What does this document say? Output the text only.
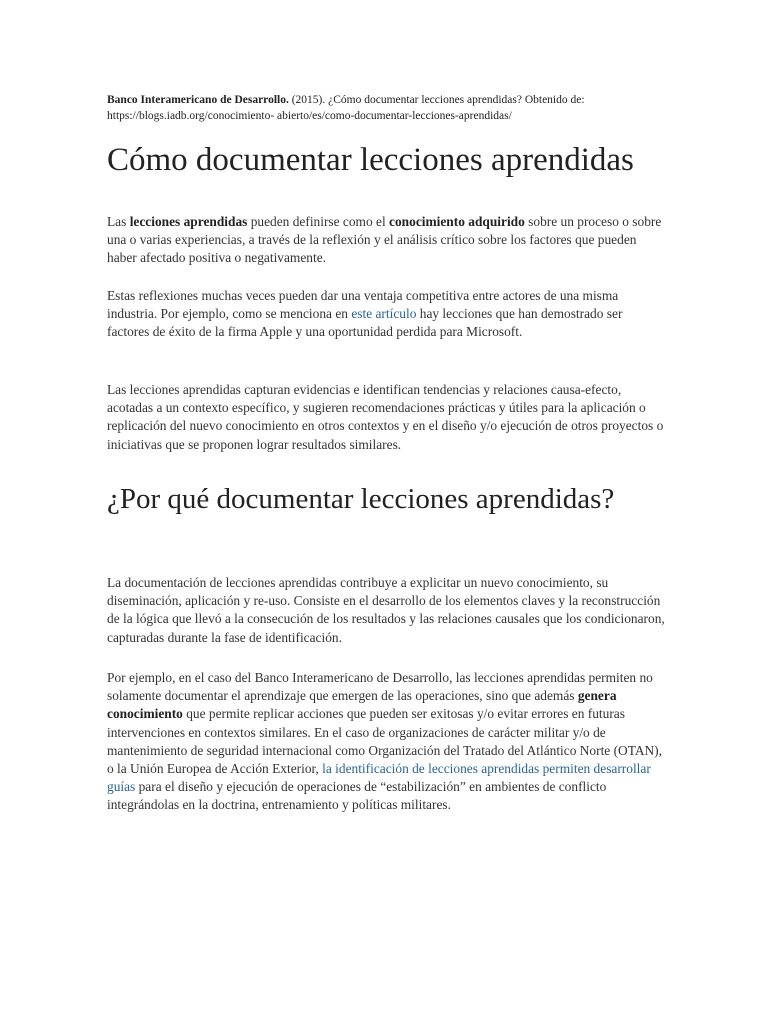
Banco Interamericano de Desarrollo. (2015). ¿Cómo documentar lecciones aprendidas? Obtenido de: https://blogs.iadb.org/conocimiento- abierto/es/como-documentar-lecciones-aprendidas/
Cómo documentar lecciones aprendidas

Las lecciones aprendidas pueden definirse como el conocimiento adquirido sobre un proceso o sobre una o varias experiencias, a través de la reflexión y el análisis crítico sobre los factores que pueden haber afectado positiva o negativamente.

Estas reflexiones muchas veces pueden dar una ventaja competitiva entre actores de una misma industria. Por ejemplo, como se menciona en este artículo hay lecciones que han demostrado ser factores de éxito de la firma Apple y una oportunidad perdida para Microsoft.

Las lecciones aprendidas capturan evidencias e identifican tendencias y relaciones causa-efecto, acotadas a un contexto específico, y sugieren recomendaciones prácticas y útiles para la aplicación o replicación del nuevo conocimiento en otros contextos y en el diseño y/o ejecución de otros proyectos o iniciativas que se proponen lograr resultados similares.

¿Por qué documentar lecciones aprendidas?

La documentación de lecciones aprendidas contribuye a explicitar un nuevo conocimiento, su diseminación, aplicación y re-uso. Consiste en el desarrollo de los elementos claves y la reconstrucción de la lógica que llevó a la consecución de los resultados y las relaciones causales que los condicionaron, capturadas durante la fase de identificación.

Por ejemplo, en el caso del Banco Interamericano de Desarrollo, las lecciones aprendidas permiten no solamente documentar el aprendizaje que emergen de las operaciones, sino que además genera conocimiento que permite replicar acciones que pueden ser exitosas y/o evitar errores en futuras intervenciones en contextos similares. En el caso de organizaciones de carácter militar y/o de mantenimiento de seguridad internacional como Organización del Tratado del Atlántico Norte (OTAN), o la Unión Europea de Acción Exterior, la identificación de lecciones aprendidas permiten desarrollar guías para el diseño y ejecución de operaciones de “estabilización” en ambientes de conflicto integrándolas en la doctrina, entrenamiento y políticas militares.
